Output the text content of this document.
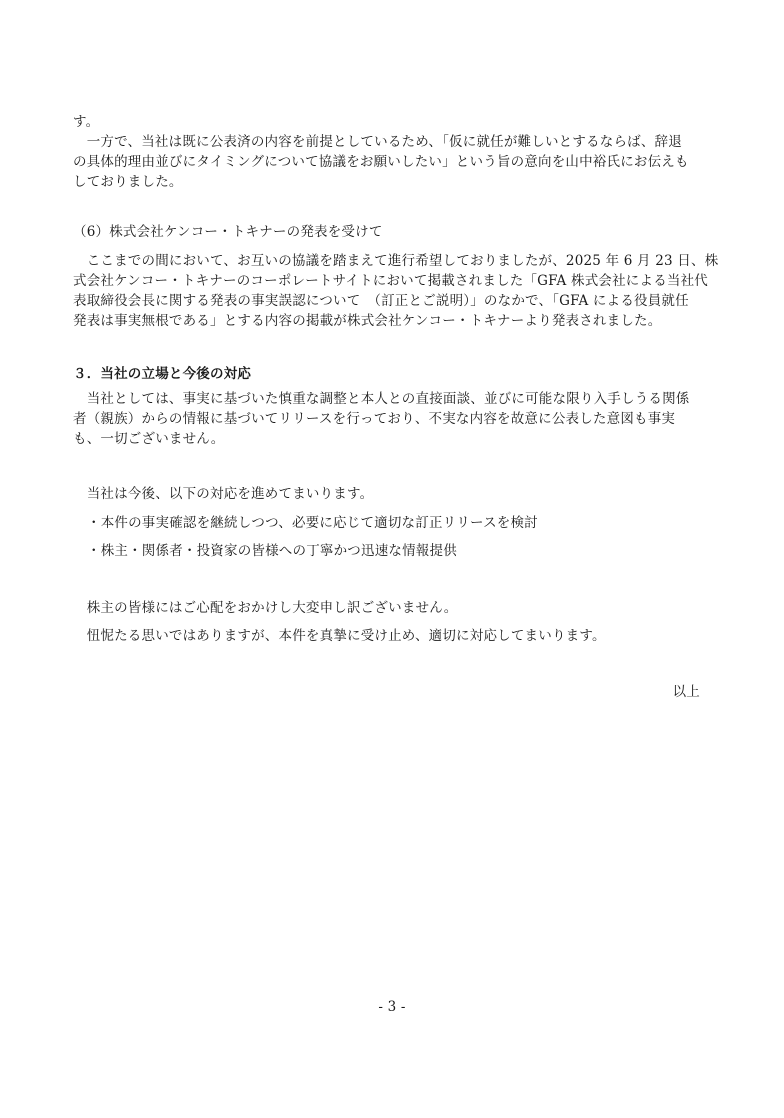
す。
　一方で、当社は既に公表済の内容を前提としているため、「仮に就任が難しいとするならば、辞退
の具体的理由並びにタイミングについて協議をお願いしたい」という旨の意向を山中裕氏にお伝えも
しておりました。
（6）株式会社ケンコー・トキナーの発表を受けて
　ここまでの間において、お互いの協議を踏まえて進行希望しておりましたが、2025 年 6 月 23 日、株
式会社ケンコー・トキナーのコーポレートサイトにおいて掲載されました「GFA 株式会社による当社代
表取締役会長に関する発表の事実誤認について　（訂正とご説明）」のなかで、「GFA による役員就任
発表は事実無根である」とする内容の掲載が株式会社ケンコー・トキナーより発表されました。
３．当社の立場と今後の対応
　当社としては、事実に基づいた慎重な調整と本人との直接面談、並びに可能な限り入手しうる関係
者（親族）からの情報に基づいてリリースを行っており、不実な内容を故意に公表した意図も事実
も、一切ございません。
　当社は今後、以下の対応を進めてまいります。
・本件の事実確認を継続しつつ、必要に応じて適切な訂正リリースを検討
・株主・関係者・投資家の皆様への丁寧かつ迅速な情報提供
　株主の皆様にはご心配をおかけし大変申し訳ございません。
　忸怩たる思いではありますが、本件を真摯に受け止め、適切に対応してまいります。
以上
- 3 -
